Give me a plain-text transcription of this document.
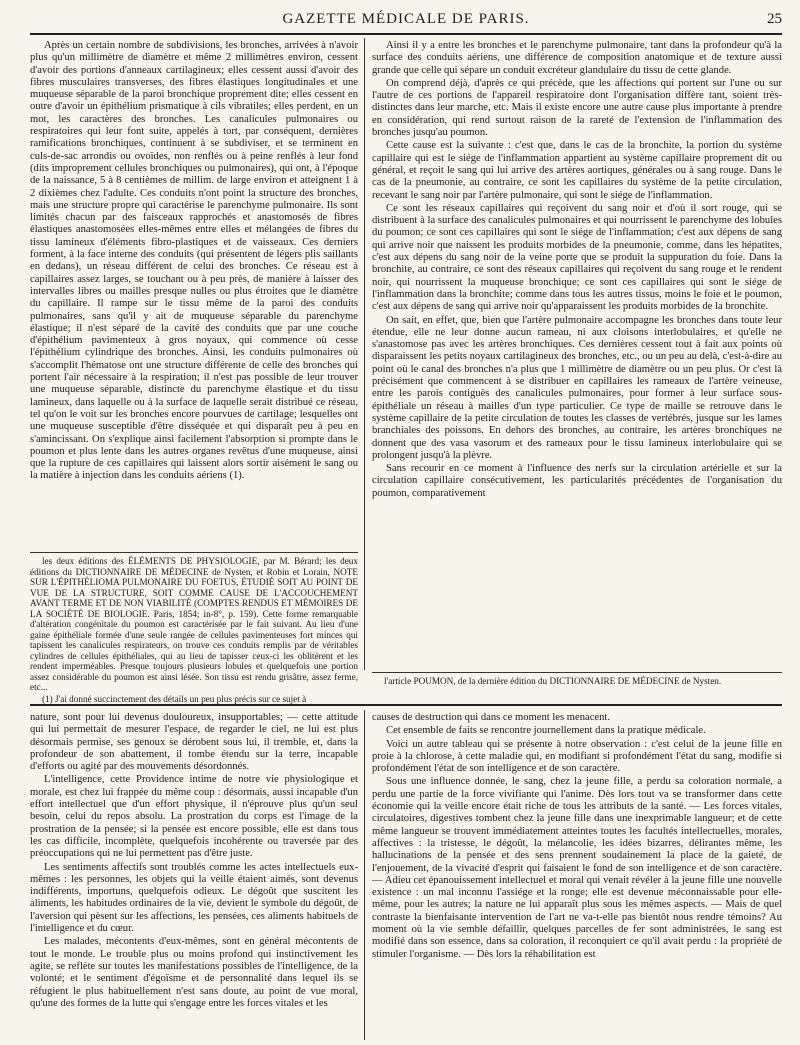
GAZETTE MÉDICALE DE PARIS.	25

Après un certain nombre de subdivisions, les bronches, arrivées à n'avoir plus qu'un millimètre de diamètre et même 2 millimètres environ, cessent d'avoir des portions d'anneaux cartilagineux; elles cessent aussi d'avoir des fibres musculaires transverses, des fibres élastiques longitudinales et une muqueuse séparable de la paroi bronchique proprement dite; elles cessent en outre d'avoir un épithélium prismatique à cils vibratiles; elles perdent, en un mot, les caractères des bronches. Les canalicules pulmonaires ou respiratoires qui leur font suite, appelés à tort, par conséquent, dernières ramifications bronchiques, continuent à se subdiviser, et se terminent en culs-de-sac arrondis ou ovoïdes, non renflés ou à peine renflés à leur fond (dits improprement cellules bronchiques ou pulmonaires), qui ont, à l'époque de la naissance, 5 à 8 centièmes de millim. de large environ et atteignent 1 à 2 dixièmes chez l'adulte. Ces conduits n'ont point la structure des bronches, mais une structure propre qui caractérise le parenchyme pulmonaire. Ils sont limités chacun par des faisceaux rapprochés et anastomosés de fibres élastiques anastomosées elles-mêmes entre elles et mélangées de fibres du tissu lamineux d'éléments fibro-plastiques et de vaisseaux. Ces derniers forment, à la face interne des conduits (qui présentent de légers plis saillants en dedans), un réseau différent de celui des bronches. Ce réseau est à capillaires assez larges, se touchant ou à peu près, de manière à laisser des intervalles libres ou mailles presque nulles ou plus étroites que le diamètre du capillaire. Il rampe sur le tissu même de la paroi des conduits pulmonaires, sans qu'il y ait de muqueuse séparable du parenchyme élastique; il n'est séparé de la cavité des conduits que par une couche d'épithélium pavimenteux à gros noyaux, qui commence où cesse l'épithélium cylindrique des bronches. Ainsi, les conduits pulmonaires où s'accomplit l'hématose ont une structure différente de celle des bronches qui portent l'air nécessaire à la respiration; il n'est pas possible de leur trouver une muqueuse séparable, distincte du parenchyme élastique et du tissu lamineux, dans laquelle ou à la surface de laquelle serait distribué ce réseau, tel qu'on le voit sur les bronches encore pourvues de cartilage; lesquelles ont une muqueuse susceptible d'être disséquée et qui disparaît peu à peu en s'amincissant. On s'explique ainsi facilement l'absorption si prompte dans le poumon et plus lente dans les autres organes revêtus d'une muqueuse, ainsi que la rupture de ces capillaires qui laissent alors sortir aisément le sang ou la matière à injection dans les conduits aériens (1).

les deux éditions des ÉLÉMENTS DE PHYSIOLOGIE, par M. Bérard; les deux éditions du DICTIONNAIRE DE MÉDECINE de Nysten, et Robin et Lorain, NOTE SUR L'ÉPITHÉLIOMA PULMONAIRE DU FOETUS, ÉTUDIÉ SOIT AU POINT DE VUE DE LA STRUCTURE, SOIT COMME CAUSE DE L'ACCOUCHEMENT AVANT TERME ET DE NON VIABILITÉ (COMPTES RENDUS ET MÉMOIRES DE LA SOCIÉTÉ DE BIOLOGIE. Paris, 1854; in-8°, p. 159). Cette forme remarquable d'altération congénitale du poumon est caractérisée par le fait suivant. Au lieu d'une gaine épithéliale formée d'une seule rangée de cellules pavimenteuses fort minces qui tapissent les canalicules respirateurs, on trouve ces conduits remplis par de véritables cylindres de cellules épithéliales, qui au lieu de tapisser ceux-ci les oblitèrent et les rendent imperméables. Presque toujours plusieurs lobules et quelquefois une portion assez considérable du poumon est ainsi lésée. Son tissu est rendu grisâtre, assez ferme, etc...

(1) J'ai donné succinctement des détails un peu plus précis sur ce sujet à

Ainsi il y a entre les bronches et le parenchyme pulmonaire, tant dans la profondeur qu'à la surface des conduits aériens, une différence de composition anatomique et de texture aussi grande que celle qui sépare un conduit excréteur glandulaire du tissu de cette glande.

On comprend déjà, d'après ce qui précède, que les affections qui portent sur l'une ou sur l'autre de ces portions de l'appareil respiratoire dont l'organisation diffère tant, soient très-distinctes dans leur marche, etc. Mais il existe encore une autre cause plus importante à prendre en considération, qui rend surtout raison de la rareté de l'extension de l'inflammation des bronches jusqu'au poumon.

Cette cause est la suivante : c'est que, dans le cas de la bronchite, la portion du système capillaire qui est le siége de l'inflammation appartient au système capillaire proprement dit ou général, et reçoit le sang qui lui arrive des artères aortiques, générales ou à sang rouge. Dans le cas de la pneumonie, au contraire, ce sont les capillaires du système de la petite circulation, recevant le sang noir par l'artère pulmonaire, qui sont le siége de l'inflammation.

Ce sont les réseaux capillaires qui reçoivent du sang noir et d'où il sort rouge, qui se distribuent à la surface des canalicules pulmonaires et qui nourrissent le parenchyme des lobules du poumon; ce sont ces capillaires qui sont le siége de l'inflammation; c'est aux dépens de sang qui arrive noir que naissent les produits morbides de la pneumonie, comme, dans les hépatites, c'est aux dépens du sang noir de la veine porte que se produit la suppuration du foie. Dans la bronchite, au contraire, ce sont des réseaux capillaires qui reçoivent du sang rouge et le rendent noir, qui nourrissent la muqueuse bronchique; ce sont ces capillaires qui sont le siége de l'inflammation dans la bronchite; comme dans tous les autres tissus, moins le foie et le poumon, c'est aux dépens de sang qui arrive noir qu'apparaissent les produits morbides de la bronchite.

On sait, en effet, que, bien que l'artère pulmonaire accompagne les bronches dans toute leur étendue, elle ne leur donne aucun rameau, ni aux cloisons interlobulaires, et qu'elle ne s'anastomose pas avec les artères bronchiques. Ces dernières cessent tout à fait aux points où disparaissent les petits noyaux cartilagineux des bronches, etc., ou un peu au delà, c'est-à-dire au point où le canal des bronches n'a plus que 1 millimètre de diamètre ou un peu plus. Or c'est là précisément que commencent à se distribuer en capillaires les rameaux de l'artère veineuse, entre les parois contiguës des canalicules pulmonaires, pour former à leur surface sous-épithéliale un réseau à mailles d'un type particulier. Ce type de maille se retrouve dans le système capillaire de la petite circulation de toutes les classes de vertébrés, jusque sur les lames branchiales des poissons. En dehors des bronches, au contraire, les artères bronchiques ne donnent que des vasa vasorum et des rameaux pour le tissu lamineux interlobulaire qui se prolongent jusqu'à la plèvre.

Sans recourir en ce moment à l'influence des nerfs sur la circulation artérielle et sur la circulation capillaire consécutivement, les particularités précédentes de l'organisation du poumon, comparativement

l'article POUMON, de la dernière édition du DICTIONNAIRE DE MÉDECINE de Nysten.

nature, sont pour lui devenus douloureux, insupportables; — cette attitude qui lui permettait de mesurer l'espace, de regarder le ciel, ne lui est plus désormais permise, ses genoux se dérobent sous lui, il tremble, et, dans la profondeur de son abattement, il tombe étendu sur la terre, incapable d'efforts ou agité par des mouvements désordonnés.

L'intelligence, cette Providence intime de notre vie physiologique et morale, est chez lui frappée du même coup : désormais, aussi incapable d'un effort intellectuel que d'un effort physique, il n'éprouve plus qu'un seul besoin, celui du repos absolu. La prostration du corps est l'image de la prostration de la pensée; si la pensée est encore possible, elle est dans tous les cas difficile, incomplète, quelquefois incohérente ou traversée par des préoccupations qui ne lui permettent pas d'être juste.

Les sentiments affectifs sont troublés comme les actes intellectuels eux-mêmes : les personnes, les objets qui la veille étaient aimés, sont devenus indifférents, importuns, quelquefois odieux. Le dégoût que suscitent les aliments, les habitudes ordinaires de la vie, devient le symbole du dégoût, de l'aversion qui pèsent sur les affections, les pensées, ces aliments habituels de l'intelligence et du cœur.

Les malades, mécontents d'eux-mêmes, sont en général mécontents de tout le monde. Le trouble plus ou moins profond qui instinctivement les agite, se reflète sur toutes les manifestations possibles de l'intelligence, de la volonté; et le sentiment d'égoïsme et de personnalité dans lequel ils se réfugient le plus habituellement n'est sans doute, au point de vue moral, qu'une des formes de la lutte qui s'engage entre les forces vitales et les

causes de destruction qui dans ce moment les menacent.

Cet ensemble de faits se rencontre journellement dans la pratique médicale.

Voici un autre tableau qui se présente à notre observation : c'est celui de la jeune fille en proie à la chlorose, à cette maladie qui, en modifiant si profondément l'état du sang, modifie si profondément l'état de son intelligence et de son caractère.

Sous une influence donnée, le sang, chez la jeune fille, a perdu sa coloration normale, a perdu une partie de la force vivifiante qui l'anime. Dès lors tout va se transformer dans cette économie qui la veille encore était riche de tous les attributs de la santé. — Les forces vitales, circulatoires, digestives tombent chez la jeune fille dans une inexprimable langueur; et de cette même langueur se trouvent immédiatement atteintes toutes les facultés intellectuelles, morales, affectives : la tristesse, le dégoût, la mélancolie, les idées bizarres, délirantes même, les hallucinations de la pensée et des sens prennent soudainement la place de la gaieté, de l'enjouement, de la vivacité d'esprit qui faisaient le fond de son intelligence et de son caractère. — Adieu cet épanouissement intellectuel et moral qui venait révéler à la jeune fille une nouvelle existence : un mal inconnu l'assiége et la ronge; elle est devenue méconnaissable pour elle-même, pour les autres; la nature ne lui apparaît plus sous les mêmes aspects. — Mais de quel contraste la bienfaisante intervention de l'art ne va-t-elle pas bientôt nous rendre témoins? Au moment où la vie semble défaillir, quelques parcelles de fer sont administrées, le sang est modifié dans son essence, dans sa coloration, il reconquiert ce qu'il avait perdu : la propriété de stimuler l'organisme. — Dès lors la réhabilitation est
